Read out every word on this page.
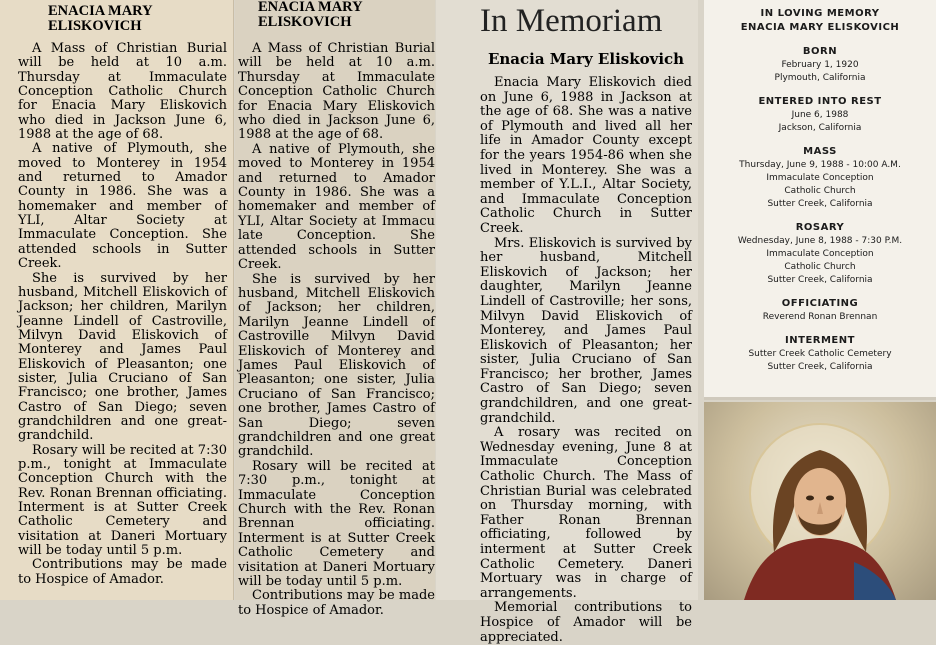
ENACIA MARY
ELISKOVICH

A Mass of Christian Burial will be held at 10 a.m. Thursday at Immaculate Conception Catholic Church for Enacia Mary Eliskovich who died in Jackson June 6, 1988 at the age of 68.

A native of Plymouth, she moved to Monterey in 1954 and returned to Amador County in 1986. She was a homemaker and member of YLI, Altar Society at Immaculate Conception. She attended schools in Sutter Creek.

She is survived by her husband, Mitchell Eliskovich of Jackson; her children, Marilyn Jeanne Lindell of Castroville, Milvyn David Eliskovich of Monterey and James Paul Eliskovich of Pleasanton; one sister, Julia Cruciano of San Francisco; one brother, James Castro of San Diego; seven grandchildren and one great-grandchild.

Rosary will be recited at 7:30 p.m., tonight at Immaculate Conception Church with the Rev. Ronan Brennan officiating. Interment is at Sutter Creek Catholic Cemetery and visitation at Daneri Mortuary will be today until 5 p.m.

Contributions may be made to Hospice of Amador.

ENACIA MARY
ELISKOVICH

A Mass of Christian Burial will be held at 10 a.m. Thursday at Immaculate Conception Catholic Church for Enacia Mary Eliskovich who died in Jackson June 6, 1988 at the age of 68.

A native of Plymouth, she moved to Monterey in 1954 and returned to Amador County in 1986. She was a homemaker and member of YLI, Altar Society at Immacu late Conception. She attended schools in Sutter Creek.

She is survived by her husband, Mitchell Eliskovich of Jackson; her children, Marilyn Jeanne Lindell of Castroville Milvyn David Eliskovich of Monterey and James Paul Eliskovich of Pleasanton; one sister, Julia Cruciano of San Francisco; one brother, James Castro of San Diego; seven grandchildren and one great grandchild.

Rosary will be recited at 7:30 p.m., tonight at Immaculate Conception Church with the Rev. Ronan Brennan officiating. Interment is at Sutter Creek Catholic Cemetery and visitation at Daneri Mortuary will be today until 5 p.m.

Contributions may be made to Hospice of Amador.

In Memoriam
Enacia Mary Eliskovich

Enacia Mary Eliskovich died on June 6, 1988 in Jackson at the age of 68. She was a native of Plymouth and lived all her life in Amador County except for the years 1954-86 when she lived in Monterey. She was a member of Y.L.I., Altar Society, and Immaculate Conception Catholic Church in Sutter Creek.

Mrs. Eliskovich is survived by her husband, Mitchell Eliskovich of Jackson; her daughter, Marilyn Jeanne Lindell of Castroville; her sons, Milvyn David Eliskovich of Monterey, and James Paul Eliskovich of Pleasanton; her sister, Julia Cruciano of San Francisco; her brother, James Castro of San Diego; seven grandchildren, and one great-grandchild.

A rosary was recited on Wednesday evening, June 8 at Immaculate Conception Catholic Church. The Mass of Christian Burial was celebrated on Thursday morning, with Father Ronan Brennan officiating, followed by interment at Sutter Creek Catholic Cemetery. Daneri Mortuary was in charge of arrangements.

Memorial contributions to Hospice of Amador will be appreciated.

IN LOVING MEMORY
ENACIA MARY ELISKOVICH
BORN
February 1, 1920
Plymouth, California
ENTERED INTO REST
June 6, 1988
Jackson, California
MASS
Thursday, June 9, 1988 - 10:00 A.M.
Immaculate Conception
Catholic Church
Sutter Creek, California
ROSARY
Wednesday, June 8, 1988 - 7:30 P.M.
Immaculate Conception
Catholic Church
Sutter Creek, California
OFFICIATING
Reverend Ronan Brennan
INTERMENT
Sutter Creek Catholic Cemetery
Sutter Creek, California
